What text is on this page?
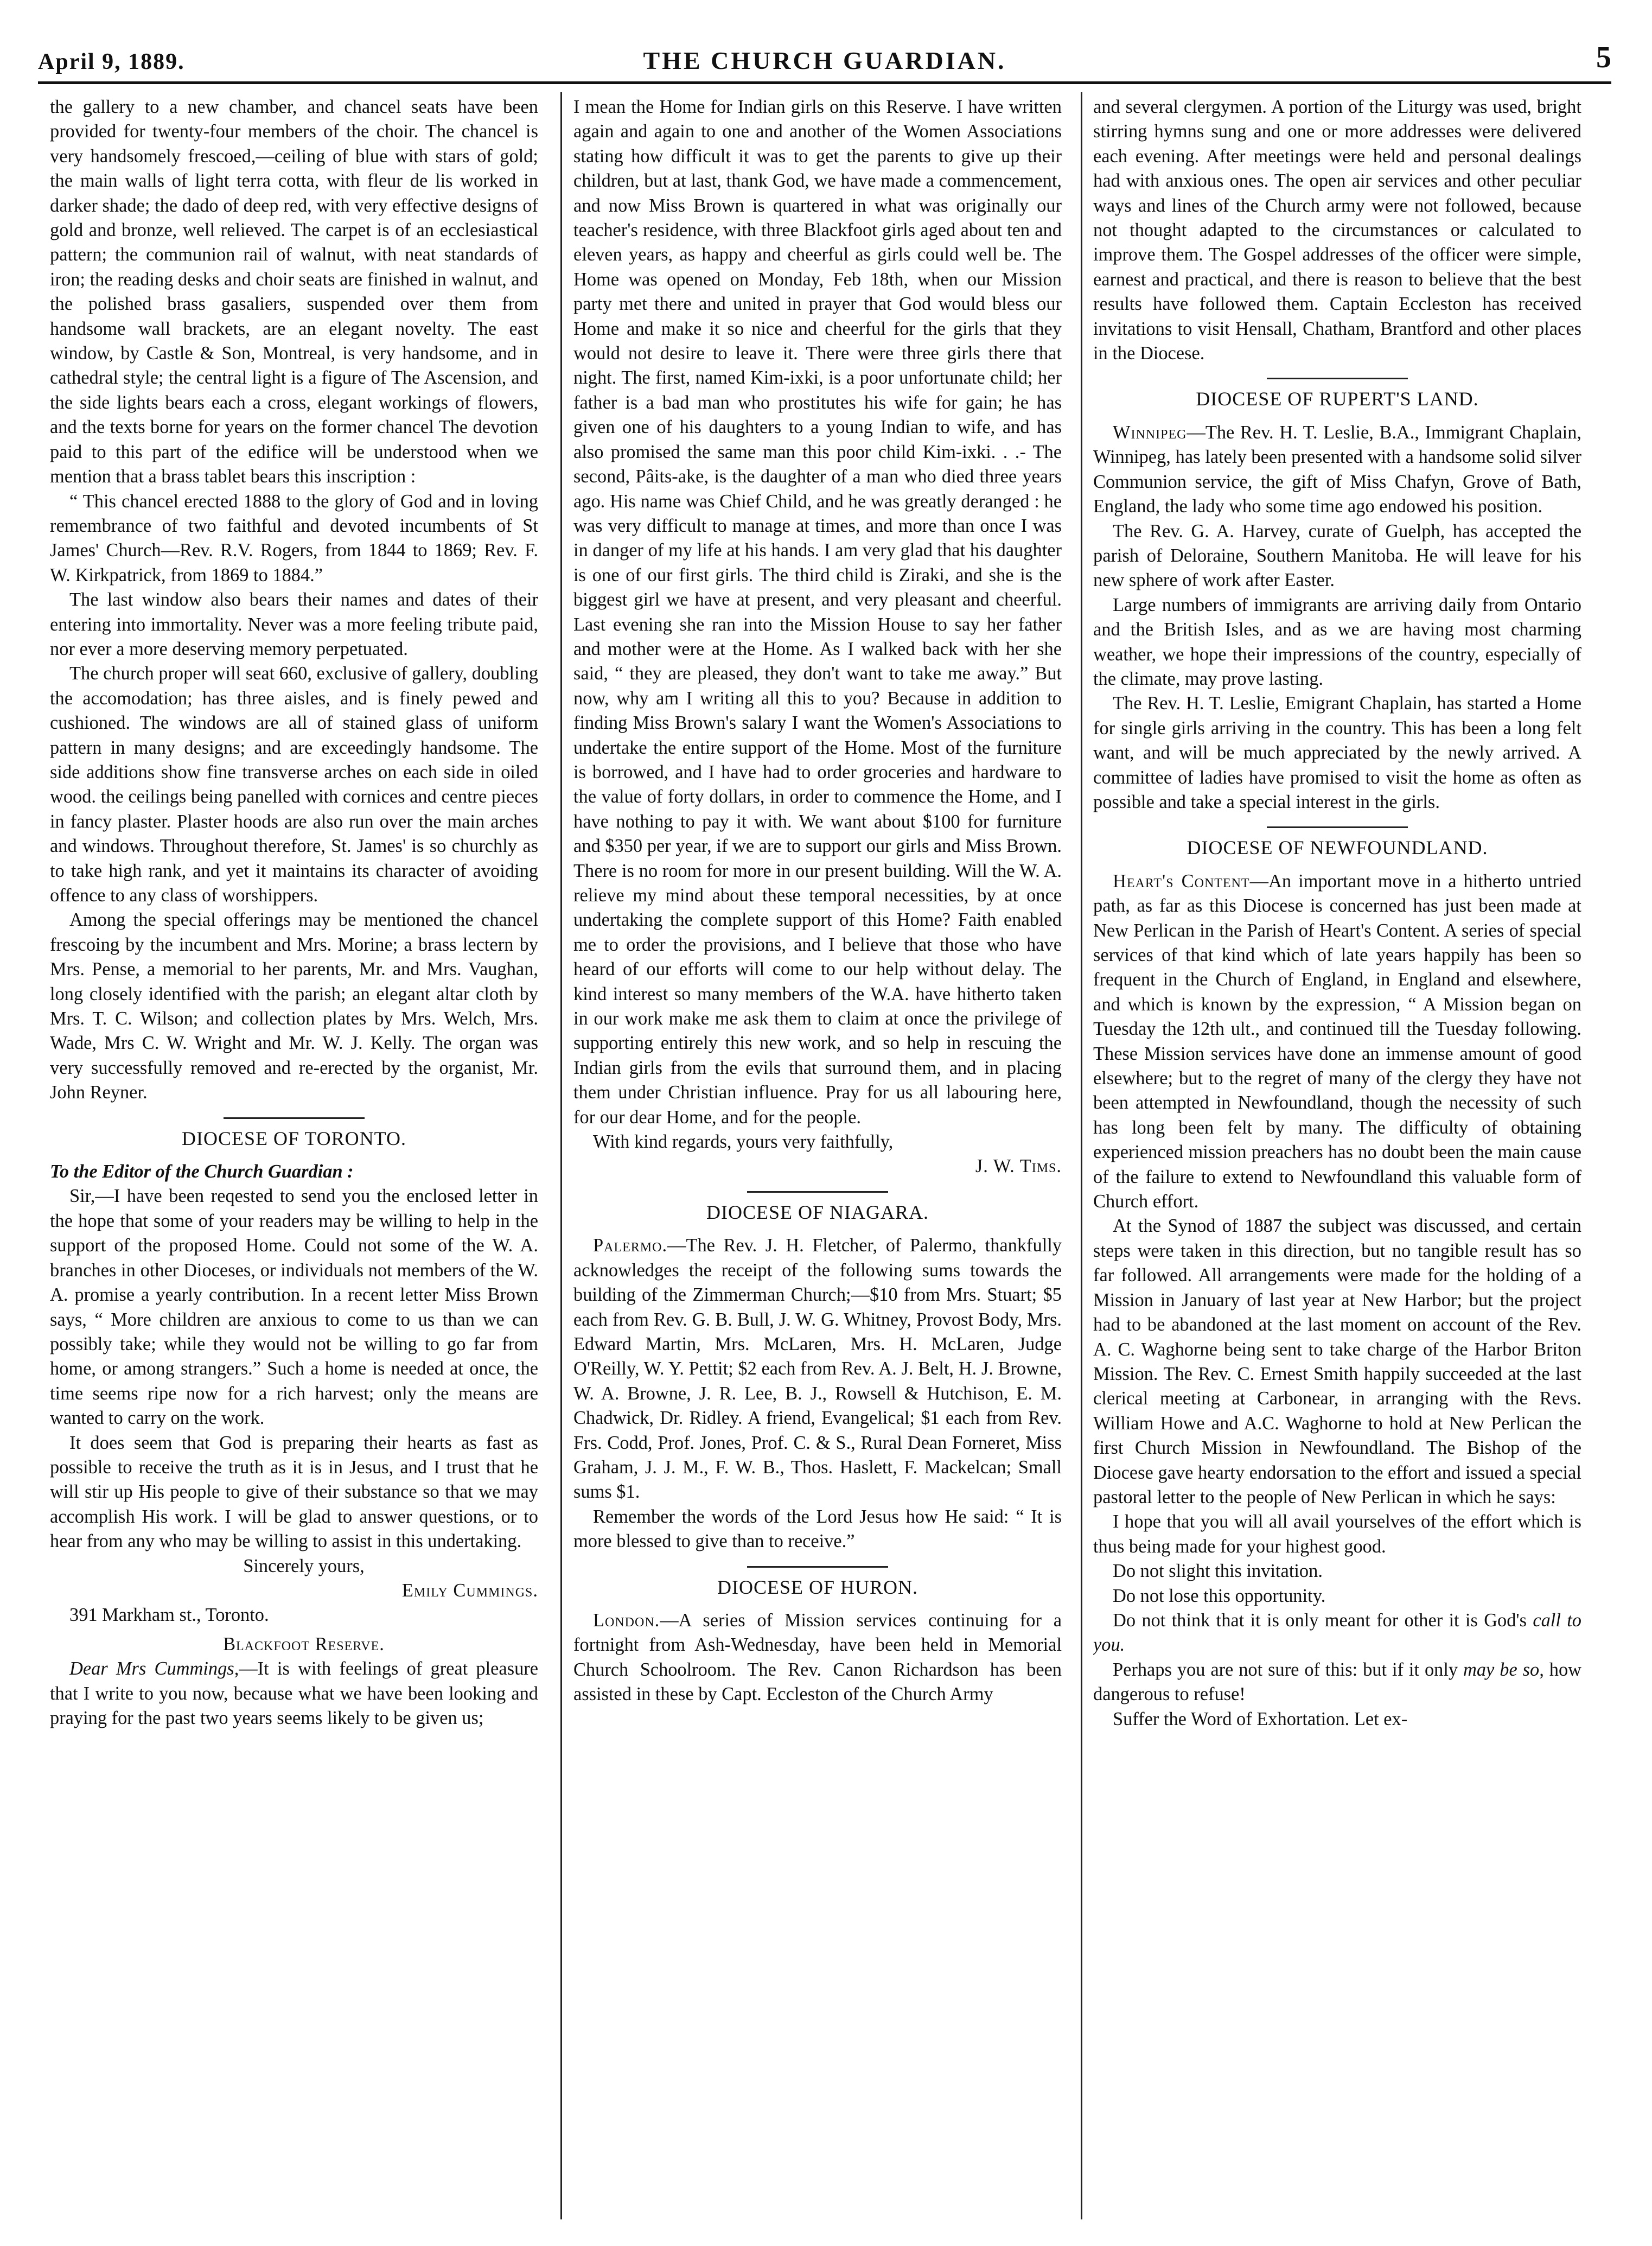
THE CHURCH GUARDIAN.
April 9, 1889.	5

the gallery to a new chamber, and chancel seats have been provided for twenty-four members of the choir. The chancel is very handsomely frescoed,—ceiling of blue with stars of gold; the main walls of light terra cotta, with fleur de lis worked in darker shade; the dado of deep red, with very effective designs of gold and bronze, well relieved. The carpet is of an ecclesiastical pattern; the communion rail of walnut, with neat standards of iron; the reading desks and choir seats are finished in walnut, and the polished brass gasaliers, suspended over them from handsome wall brackets, are an elegant novelty. The east window, by Castle & Son, Montreal, is very handsome, and in cathedral style; the central light is a figure of The Ascension, and the side lights bears each a cross, elegant workings of flowers, and the texts borne for years on the former chancel The devotion paid to this part of the edifice will be understood when we mention that a brass tablet bears this inscription :

“ This chancel erected 1888 to the glory of God and in loving remembrance of two faithful and devoted incumbents of St James' Church—Rev. R.V. Rogers, from 1844 to 1869; Rev. F. W. Kirkpatrick, from 1869 to 1884.”

The last window also bears their names and dates of their entering into immortality. Never was a more feeling tribute paid, nor ever a more deserving memory perpetuated.

The church proper will seat 660, exclusive of gallery, doubling the accomodation; has three aisles, and is finely pewed and cushioned. The windows are all of stained glass of uniform pattern in many designs; and are exceedingly handsome. The side additions show fine transverse arches on each side in oiled wood. the ceilings being panelled with cornices and centre pieces in fancy plaster. Plaster hoods are also run over the main arches and windows. Throughout therefore, St. James' is so churchly as to take high rank, and yet it maintains its character of avoiding offence to any class of worshippers.

Among the special offerings may be mentioned the chancel frescoing by the incumbent and Mrs. Morine; a brass lectern by Mrs. Pense, a memorial to her parents, Mr. and Mrs. Vaughan, long closely identified with the parish; an elegant altar cloth by Mrs. T. C. Wilson; and collection plates by Mrs. Welch, Mrs. Wade, Mrs C. W. Wright and Mr. W. J. Kelly. The organ was very successfully removed and re-erected by the organist, Mr. John Reyner.

DIOCESE OF TORONTO.

To the Editor of the Church Guardian :

Sir,—I have been reqested to send you the enclosed letter in the hope that some of your readers may be willing to help in the support of the proposed Home. Could not some of the W. A. branches in other Dioceses, or individuals not members of the W. A. promise a yearly contribution. In a recent letter Miss Brown says, “ More children are anxious to come to us than we can possibly take; while they would not be willing to go far from home, or among strangers.” Such a home is needed at once, the time seems ripe now for a rich harvest; only the means are wanted to carry on the work.

It does seem that God is preparing their hearts as fast as possible to receive the truth as it is in Jesus, and I trust that he will stir up His people to give of their substance so that we may accomplish His work. I will be glad to answer questions, or to hear from any who may be willing to assist in this undertaking.

Sincerely yours,

Emily Cummings.

391 Markham st., Toronto.

Blackfoot Reserve.

Dear Mrs Cummings,—It is with feelings of great pleasure that I write to you now, because what we have been looking and praying for the past two years seems likely to be given us;

I mean the Home for Indian girls on this Reserve. I have written again and again to one and another of the Women Associations stating how difficult it was to get the parents to give up their children, but at last, thank God, we have made a commencement, and now Miss Brown is quartered in what was originally our teacher's residence, with three Blackfoot girls aged about ten and eleven years, as happy and cheerful as girls could well be. The Home was opened on Monday, Feb 18th, when our Mission party met there and united in prayer that God would bless our Home and make it so nice and cheerful for the girls that they would not desire to leave it. There were three girls there that night. The first, named Kim-ixki, is a poor unfortunate child; her father is a bad man who prostitutes his wife for gain; he has given one of his daughters to a young Indian to wife, and has also promised the same man this poor child Kim-ixki. . .- The second, Pâits-ake, is the daughter of a man who died three years ago. His name was Chief Child, and he was greatly deranged : he was very difficult to manage at times, and more than once I was in danger of my life at his hands. I am very glad that his daughter is one of our first girls. The third child is Ziraki, and she is the biggest girl we have at present, and very pleasant and cheerful. Last evening she ran into the Mission House to say her father and mother were at the Home. As I walked back with her she said, “ they are pleased, they don't want to take me away.” But now, why am I writing all this to you? Because in addition to finding Miss Brown's salary I want the Women's Associations to undertake the entire support of the Home. Most of the furniture is borrowed, and I have had to order groceries and hardware to the value of forty dollars, in order to commence the Home, and I have nothing to pay it with. We want about $100 for furniture and $350 per year, if we are to support our girls and Miss Brown. There is no room for more in our present building. Will the W. A. relieve my mind about these temporal necessities, by at once undertaking the complete support of this Home? Faith enabled me to order the provisions, and I believe that those who have heard of our efforts will come to our help without delay. The kind interest so many members of the W.A. have hitherto taken in our work make me ask them to claim at once the privilege of supporting entirely this new work, and so help in rescuing the Indian girls from the evils that surround them, and in placing them under Christian influence. Pray for us all labouring here, for our dear Home, and for the people.

With kind regards, yours very faithfully,

J. W. Tims.

DIOCESE OF NIAGARA.

Palermo.—The Rev. J. H. Fletcher, of Palermo, thankfully acknowledges the receipt of the following sums towards the building of the Zimmerman Church;—$10 from Mrs. Stuart; $5 each from Rev. G. B. Bull, J. W. G. Whitney, Provost Body, Mrs. Edward Martin, Mrs. McLaren, Mrs. H. McLaren, Judge O'Reilly, W. Y. Pettit; $2 each from Rev. A. J. Belt, H. J. Browne, W. A. Browne, J. R. Lee, B. J., Rowsell & Hutchison, E. M. Chadwick, Dr. Ridley. A friend, Evangelical; $1 each from Rev. Frs. Codd, Prof. Jones, Prof. C. & S., Rural Dean Forneret, Miss Graham, J. J. M., F. W. B., Thos. Haslett, F. Mackelcan; Small sums $1.

Remember the words of the Lord Jesus how He said: “ It is more blessed to give than to receive.”

DIOCESE OF HURON.

London.—A series of Mission services continuing for a fortnight from Ash-Wednesday, have been held in Memorial Church Schoolroom. The Rev. Canon Richardson has been assisted in these by Capt. Eccleston of the Church Army

and several clergymen. A portion of the Liturgy was used, bright stirring hymns sung and one or more addresses were delivered each evening. After meetings were held and personal dealings had with anxious ones. The open air services and other peculiar ways and lines of the Church army were not followed, because not thought adapted to the circumstances or calculated to improve them. The Gospel addresses of the officer were simple, earnest and practical, and there is reason to believe that the best results have followed them. Captain Eccleston has received invitations to visit Hensall, Chatham, Brantford and other places in the Diocese.

DIOCESE OF RUPERT'S LAND.

Winnipeg—The Rev. H. T. Leslie, B.A., Immigrant Chaplain, Winnipeg, has lately been presented with a handsome solid silver Communion service, the gift of Miss Chafyn, Grove of Bath, England, the lady who some time ago endowed his position.

The Rev. G. A. Harvey, curate of Guelph, has accepted the parish of Deloraine, Southern Manitoba. He will leave for his new sphere of work after Easter.

Large numbers of immigrants are arriving daily from Ontario and the British Isles, and as we are having most charming weather, we hope their impressions of the country, especially of the climate, may prove lasting.

The Rev. H. T. Leslie, Emigrant Chaplain, has started a Home for single girls arriving in the country. This has been a long felt want, and will be much appreciated by the newly arrived. A committee of ladies have promised to visit the home as often as possible and take a special interest in the girls.

DIOCESE OF NEWFOUNDLAND.

Heart's Content—An important move in a hitherto untried path, as far as this Diocese is concerned has just been made at New Perlican in the Parish of Heart's Content. A series of special services of that kind which of late years happily has been so frequent in the Church of England, in England and elsewhere, and which is known by the expression, “ A Mission began on Tuesday the 12th ult., and continued till the Tuesday following. These Mission services have done an immense amount of good elsewhere; but to the regret of many of the clergy they have not been attempted in Newfoundland, though the necessity of such has long been felt by many. The difficulty of obtaining experienced mission preachers has no doubt been the main cause of the failure to extend to Newfoundland this valuable form of Church effort.

At the Synod of 1887 the subject was discussed, and certain steps were taken in this direction, but no tangible result has so far followed. All arrangements were made for the holding of a Mission in January of last year at New Harbor; but the project had to be abandoned at the last moment on account of the Rev. A. C. Waghorne being sent to take charge of the Harbor Briton Mission. The Rev. C. Ernest Smith happily succeeded at the last clerical meeting at Carbonear, in arranging with the Revs. William Howe and A.C. Waghorne to hold at New Perlican the first Church Mission in Newfoundland. The Bishop of the Diocese gave hearty endorsation to the effort and issued a special pastoral letter to the people of New Perlican in which he says:

I hope that you will all avail yourselves of the effort which is thus being made for your highest good.

Do not slight this invitation.

Do not lose this opportunity.

Do not think that it is only meant for other it is God's call to you.

Perhaps you are not sure of this: but if it only may be so, how dangerous to refuse!

Suffer the Word of Exhortation. Let ex-
